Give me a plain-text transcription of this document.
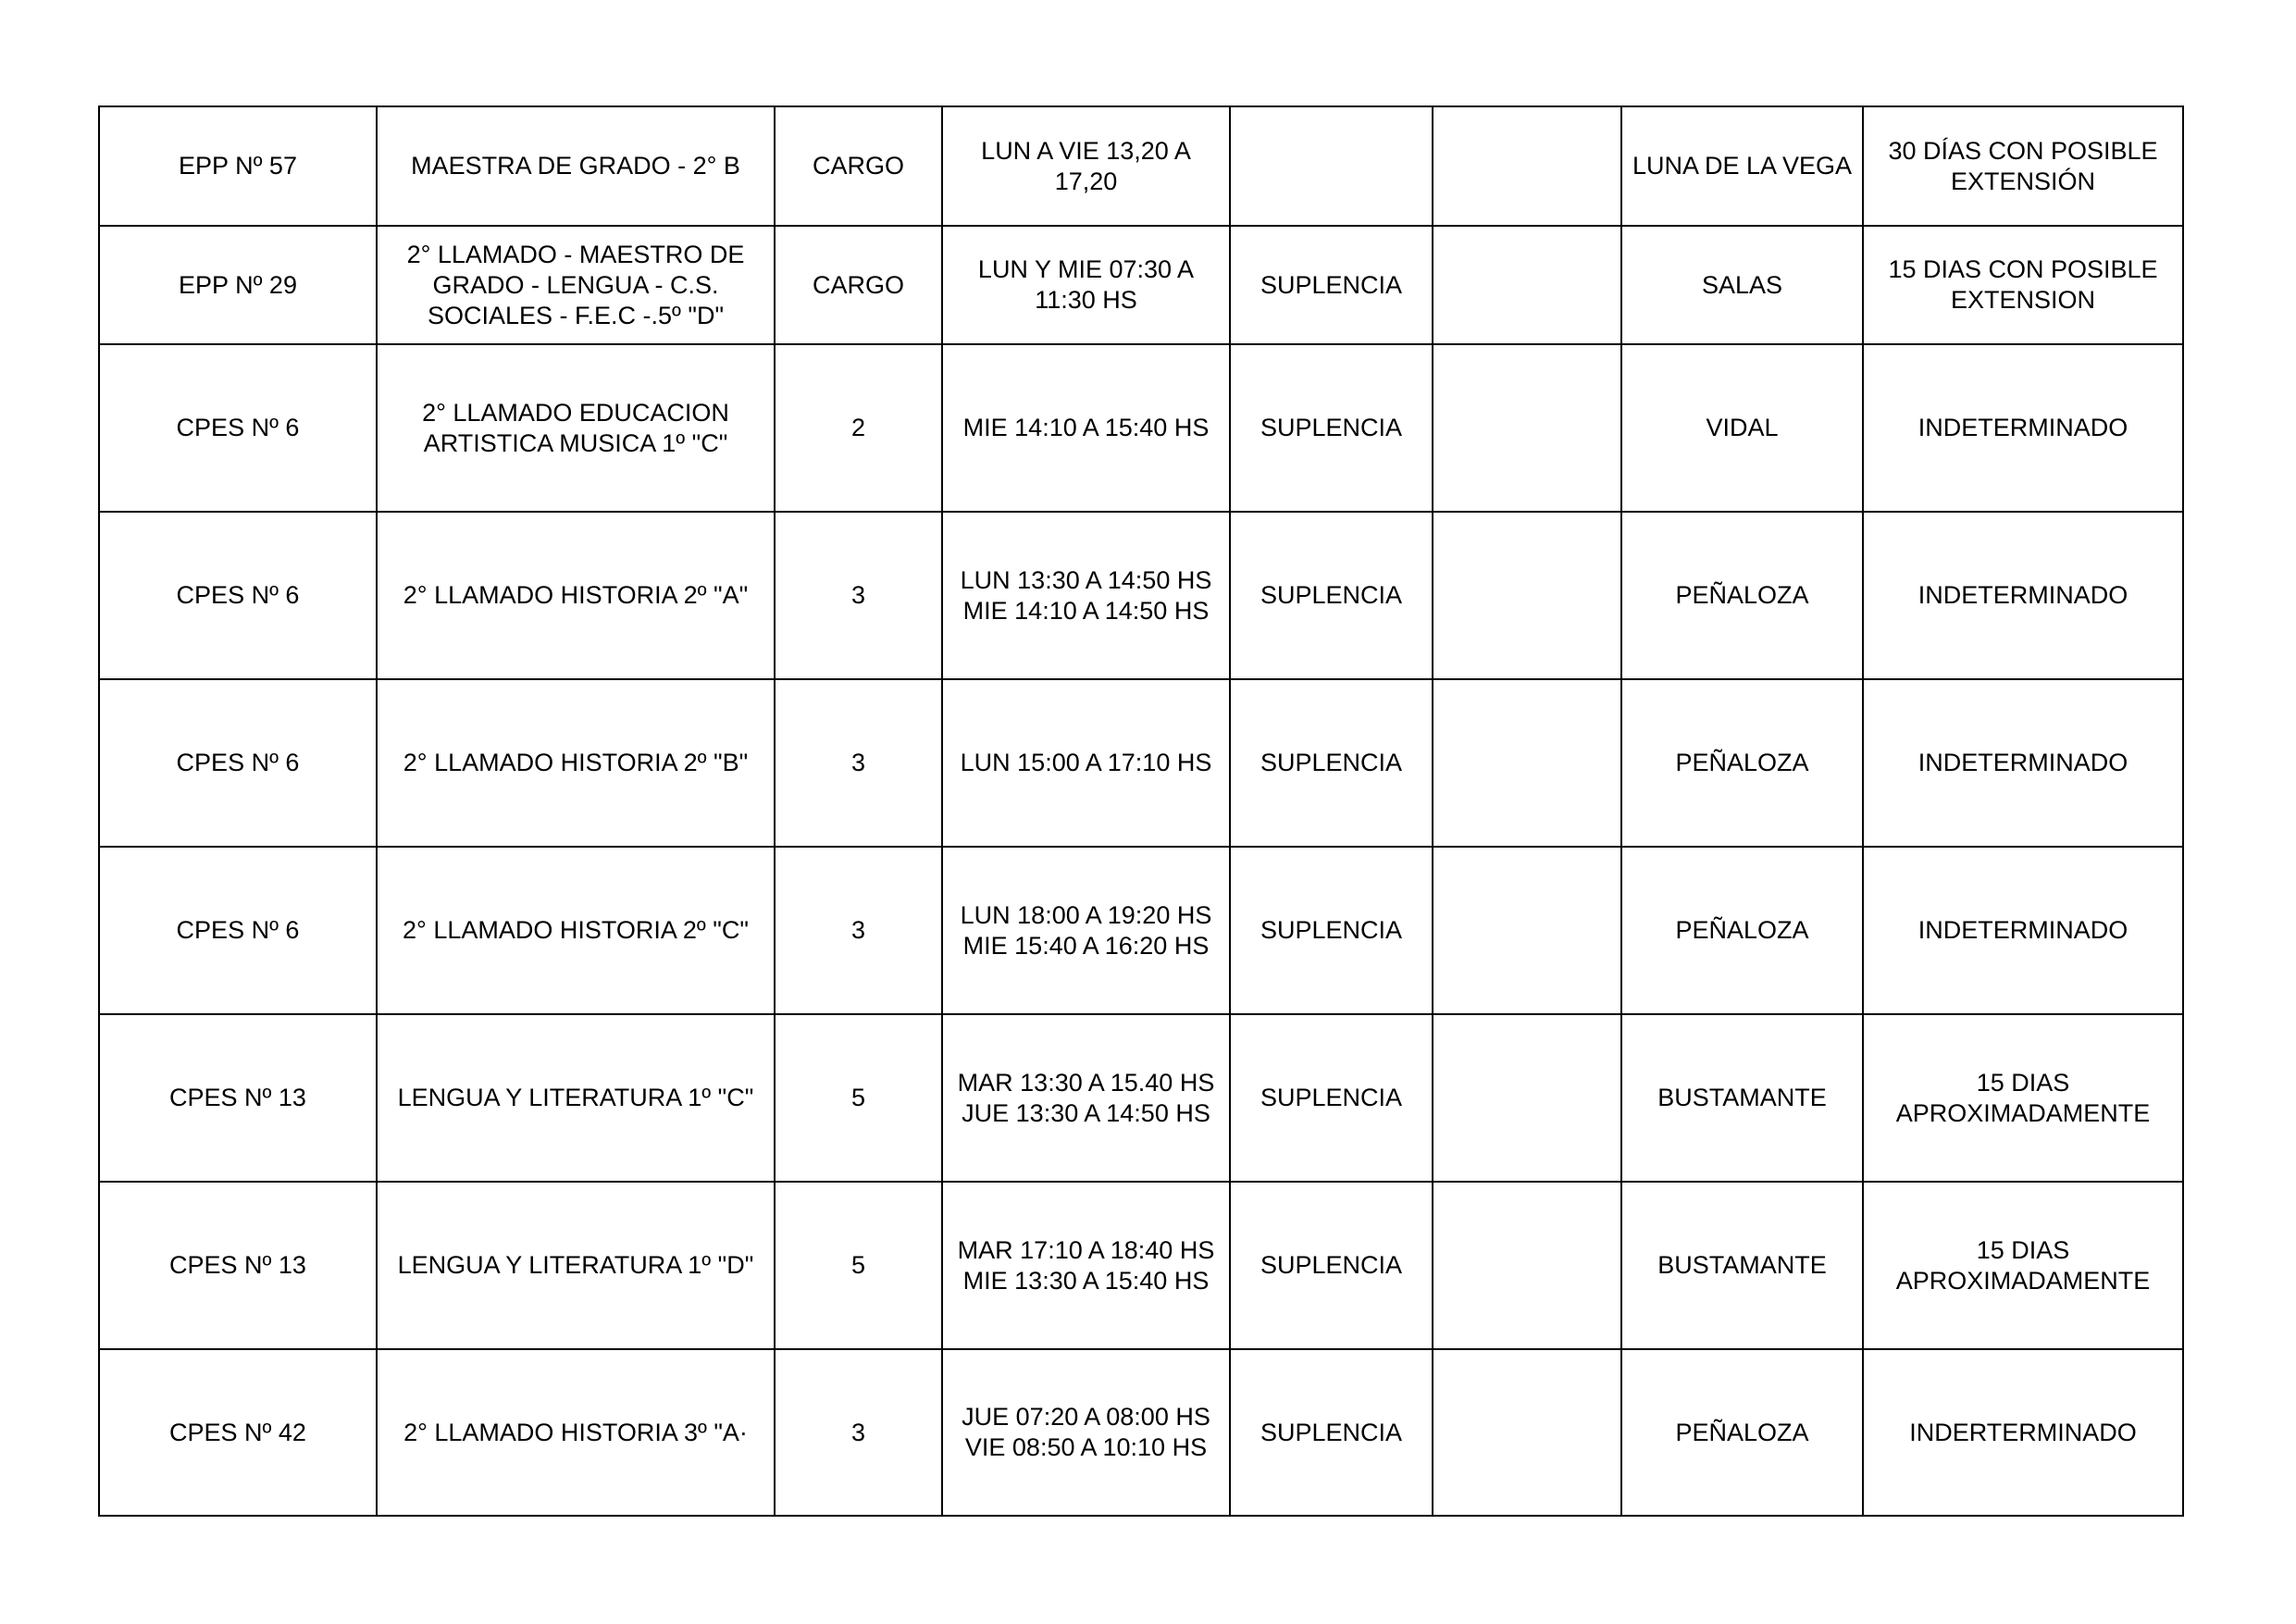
EPP Nº 57	MAESTRA DE GRADO - 2° B	CARGO	LUN A VIE 13,20 A
17,20			LUNA DE LA VEGA	30 DÍAS CON POSIBLE
EXTENSIÓN
EPP Nº 29	2° LLAMADO - MAESTRO DE
GRADO - LENGUA - C.S.
SOCIALES - F.E.C -.5º "D"	CARGO	LUN Y MIE 07:30 A
11:30 HS	SUPLENCIA		SALAS	15 DIAS CON POSIBLE
EXTENSION
CPES Nº 6	2° LLAMADO EDUCACION
ARTISTICA MUSICA 1º "C"	2	MIE 14:10 A 15:40 HS	SUPLENCIA		VIDAL	INDETERMINADO
CPES Nº 6	2° LLAMADO HISTORIA 2º "A"	3	LUN 13:30 A 14:50 HS
MIE 14:10 A 14:50 HS	SUPLENCIA		PEÑALOZA	INDETERMINADO
CPES Nº 6	2° LLAMADO HISTORIA 2º "B"	3	LUN 15:00 A 17:10 HS	SUPLENCIA		PEÑALOZA	INDETERMINADO
CPES Nº 6	2° LLAMADO HISTORIA 2º "C"	3	LUN 18:00 A 19:20 HS
MIE 15:40 A 16:20 HS	SUPLENCIA		PEÑALOZA	INDETERMINADO
CPES Nº 13	LENGUA Y LITERATURA 1º "C"	5	MAR 13:30 A 15.40 HS
JUE 13:30 A 14:50 HS	SUPLENCIA		BUSTAMANTE	15 DIAS
APROXIMADAMENTE
CPES Nº 13	LENGUA Y LITERATURA 1º "D"	5	MAR 17:10 A 18:40 HS
MIE 13:30 A 15:40 HS	SUPLENCIA		BUSTAMANTE	15 DIAS
APROXIMADAMENTE
CPES Nº 42	2° LLAMADO HISTORIA 3º "A·	3	JUE 07:20 A 08:00 HS
VIE 08:50 A 10:10 HS	SUPLENCIA		PEÑALOZA	INDERTERMINADO
